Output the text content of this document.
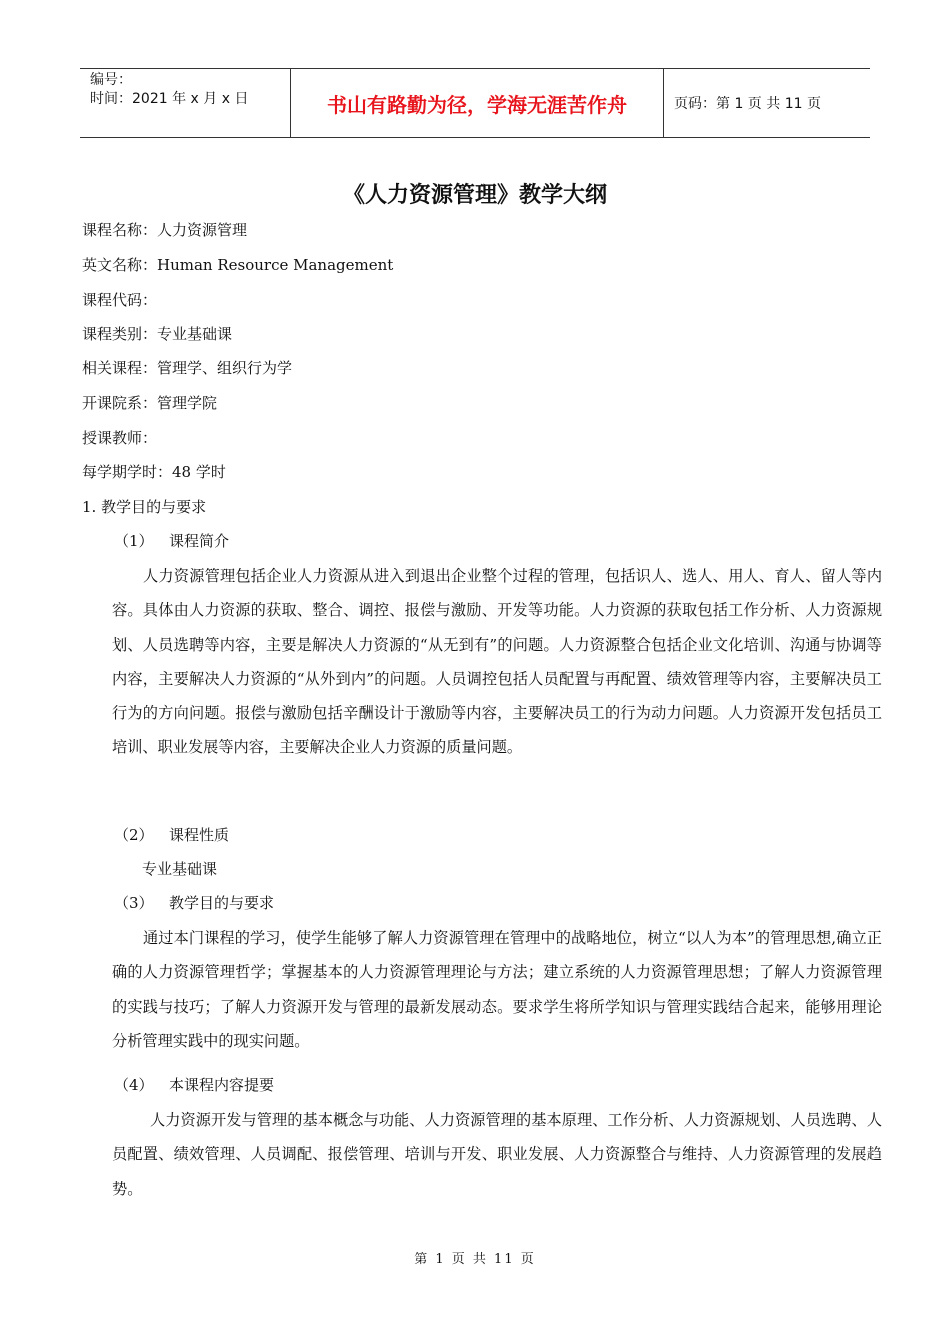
编号：
时间：2021 年 x 月 x 日	书山有路勤为径，学海无涯苦作舟	页码：第 1 页 共 11 页
《人力资源管理》教学大纲
课程名称：人力资源管理
英文名称：Human Resource Management
课程代码：
课程类别：专业基础课
相关课程：管理学、组织行为学
开课院系：管理学院
授课教师：
每学期学时：48 学时
1. 教学目的与要求
（1） 课程简介
人力资源管理包括企业人力资源从进入到退出企业整个过程的管理，包括识人、选人、用人、育人、留人等内容。具体由人力资源的获取、整合、调控、报偿与激励、开发等功能。人力资源的获取包括工作分析、人力资源规划、人员选聘等内容，主要是解决人力资源的“从无到有”的问题。人力资源整合包括企业文化培训、沟通与协调等内容，主要解决人力资源的“从外到内”的问题。人员调控包括人员配置与再配置、绩效管理等内容，主要解决员工行为的方向问题。报偿与激励包括辛酬设计于激励等内容，主要解决员工的行为动力问题。人力资源开发包括员工培训、职业发展等内容，主要解决企业人力资源的质量问题。
（2） 课程性质
专业基础课
（3） 教学目的与要求
通过本门课程的学习，使学生能够了解人力资源管理在管理中的战略地位，树立“以人为本”的管理思想,确立正确的人力资源管理哲学；掌握基本的人力资源管理理论与方法；建立系统的人力资源管理思想；了解人力资源管理的实践与技巧；了解人力资源开发与管理的最新发展动态。要求学生将所学知识与管理实践结合起来，能够用理论分析管理实践中的现实问题。
（4） 本课程内容提要
人力资源开发与管理的基本概念与功能、人力资源管理的基本原理、工作分析、人力资源规划、人员选聘、人员配置、绩效管理、人员调配、报偿管理、培训与开发、职业发展、人力资源整合与维持、人力资源管理的发展趋势。
第 1 页 共 11 页
